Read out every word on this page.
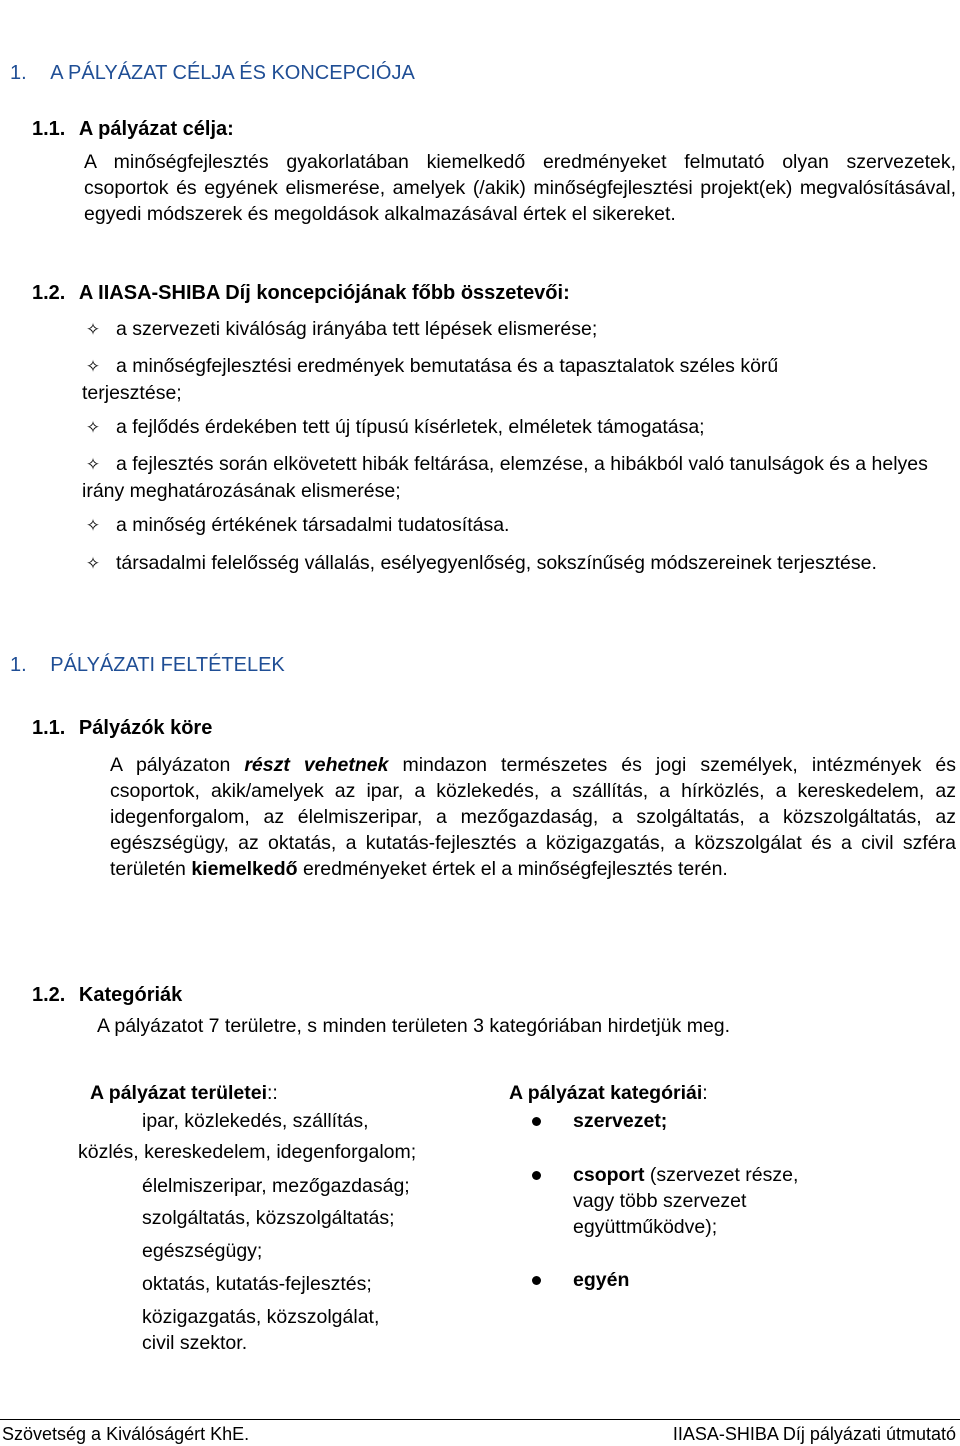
1. A PÁLYÁZAT CÉLJA ÉS KONCEPCIÓJA
1.1. A pályázat célja:
A minőségfejlesztés gyakorlatában kiemelkedő eredményeket felmutató olyan szervezetek, csoportok és egyének elismerése, amelyek (/akik) minőségfejlesztési projekt(ek) megvalósításával, egyedi módszerek és megoldások alkalmazásával értek el sikereket.
1.2. A IIASA-SHIBA Díj koncepciójának főbb összetevői:
✧ a szervezeti kiválóság irányába tett lépések elismerése;
✧ a minőségfejlesztési eredmények bemutatása és a tapasztalatok széles körű terjesztése;
✧ a fejlődés érdekében tett új típusú kísérletek, elméletek támogatása;
✧ a fejlesztés során elkövetett hibák feltárása, elemzése, a hibákból való tanulságok és a helyes irány meghatározásának elismerése;
✧ a minőség értékének társadalmi tudatosítása.
✧ társadalmi felelősség vállalás, esélyegyenlőség, sokszínűség módszereinek terjesztése.
1. PÁLYÁZATI FELTÉTELEK
1.1. Pályázók köre
A pályázaton részt vehetnek mindazon természetes és jogi személyek, intézmények és csoportok, akik/amelyek az ipar, a közlekedés, a szállítás, a hírközlés, a kereskedelem, az idegenforgalom, az élelmiszeripar, a mezőgazdaság, a szolgáltatás, a közszolgáltatás, az egészségügy, az oktatás, a kutatás-fejlesztés a közigazgatás, a közszolgálat és a civil szféra területén kiemelkedő eredményeket értek el a minőségfejlesztés terén.
1.2. Kategóriák
A pályázatot 7 területre, s minden területen 3 kategóriában hirdetjük meg.
A pályázat területei::
ipar, közlekedés, szállítás,
közlés, kereskedelem, idegenforgalom;
élelmiszeripar, mezőgazdaság;
szolgáltatás, közszolgáltatás;
egészségügy;
oktatás, kutatás-fejlesztés;
közigazgatás, közszolgálat,
civil szektor.
A pályázat kategóriái:
szervezet;
csoport (szervezet része,
vagy több szervezet
együttműködve);
egyén
Szövetség a Kiválóságért KhE.	IIASA-SHIBA Díj pályázati útmutató
